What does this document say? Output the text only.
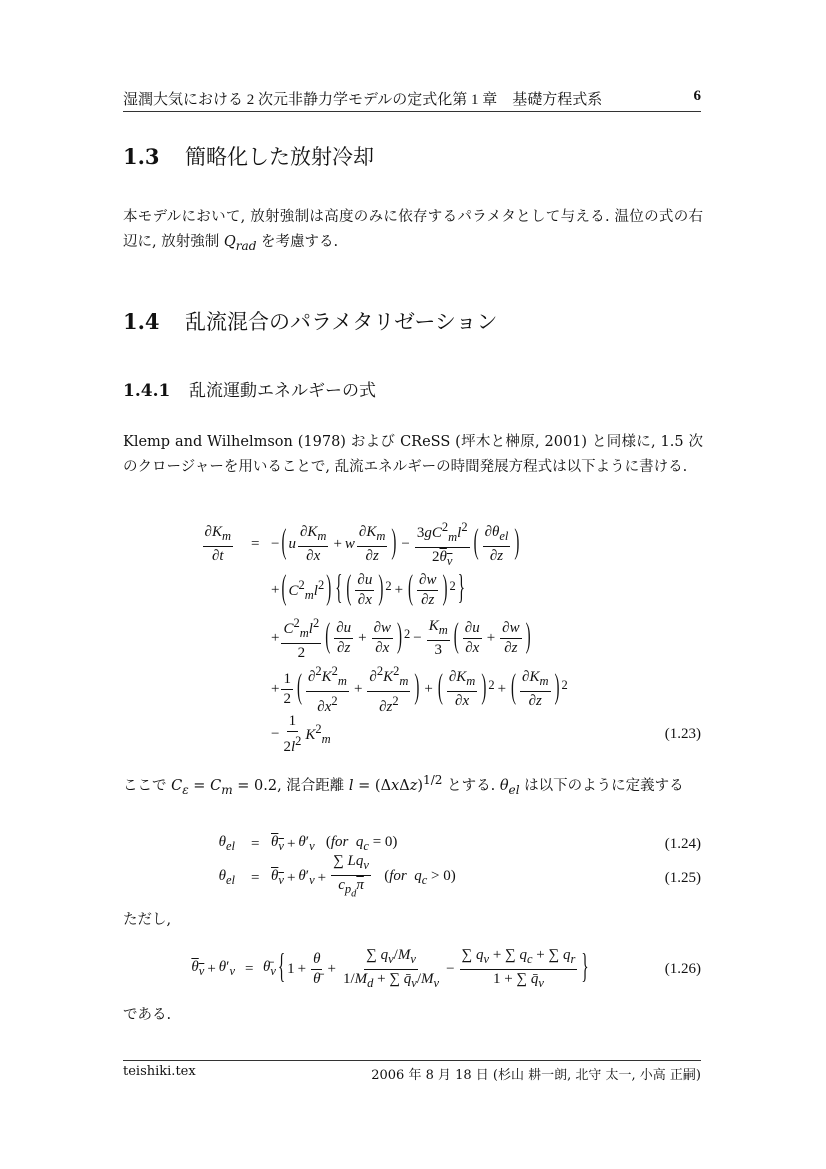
湿潤大気における 2 次元非静力学モデルの定式化第 1 章　基礎方程式系	6
1.3 簡略化した放射冷却
本モデルにおいて, 放射強制は高度のみに依存するパラメタとして与える. 温位の式の右辺に, 放射強制 $Q_{rad}$ を考慮する.
1.4 乱流混合のパラメタリゼーション
1.4.1 乱流運動エネルギーの式
Klemp and Wilhelmson (1978) および CReSS (坪木と榊原, 2001) と同様に, 1.5 次のクロージャーを用いることで, 乱流エネルギーの時間発展方程式は以下ように書ける.
$\frac{\partial K_m}{\partial t}$ = − ( u $\frac{\partial K_m}{\partial x} + w \frac{\partial K_m}{\partial z}$ ) − $\frac{3gC^2_ml^2}{2\theta_v}$ ( $\partial\theta_{el}$
∂z )
+ ( $C^2_ml^2$ ) { ( $\frac{\partial u}{\partial x}$ ) $^2$ + ( $\frac{\partial w}{\partial z}$ ) $^2$ }
+ $\frac{C^2_ml^2}{2}$ ( $\frac{\partial u}{\partial z} + \frac{\partial w}{\partial x}$ ) $^2 - \frac{K_m}{3}$ ( $\frac{\partial u}{\partial x} + \frac{\partial w}{\partial z}$ )
+ $\frac{1}{2}$ ( $\frac{\partial^2K^2_m}{\partial x^2} + \frac{\partial^2K^2_m}{\partial z^2}$ ) + ( $\frac{\partial K_m}{\partial x}$ ) $^2$ + ( $\frac{\partial K_m}{\partial z}$ ) $^2$
− $\frac{1}{2l^2} K^2_m$	(1.23)
ここで $C_\varepsilon = C_m = 0.2$, 混合距離 $l = (\Delta x\Delta z)^{1/2}$ とする. $\theta_{el}$ は以下のように定義する
$\theta_{el} = \theta_v + \theta'_v$ (for $q_c = 0$)	(1.24)
$\theta_{el} = \theta_v + \theta'_v$ +
∑ $Lq_v$
$c_{p_d}\overline{\pi}$
(for $q_c > 0$)	(1.25)
ただし,
$\theta_v + \theta'_v$ = $\thetā_v$ { $1 + \frac{\theta}{\thetā} + \frac{\sum q_v/M_v}{1/M_d + \sum q̄_v/M_v} - \frac{\sum q_v + \sum q_c + \sum q_r}{1 + \sum q̄_v}$ }	(1.26)
である.
teishiki.tex	2006 年 8 月 18 日 (杉山 耕一朗, 北守 太一, 小高 正嗣)
